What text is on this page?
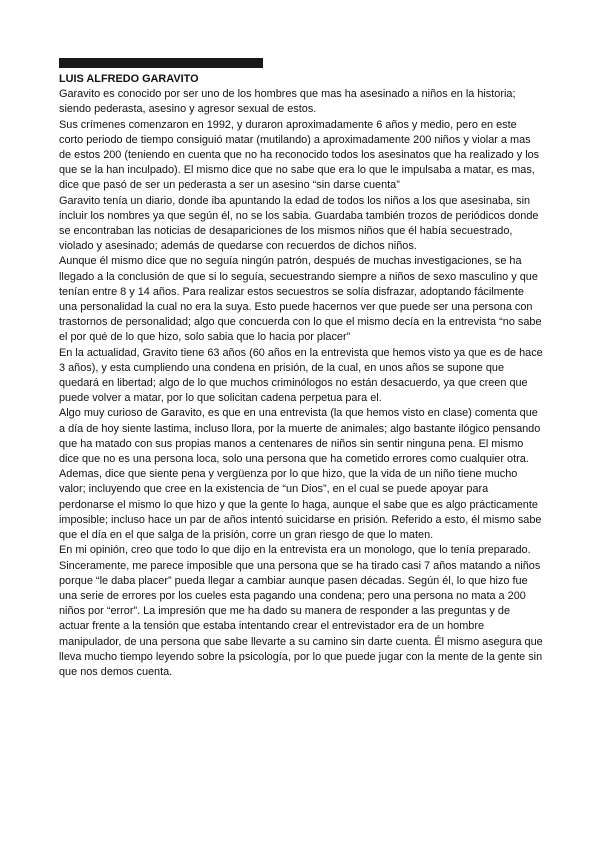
LUIS ALFREDO GARAVITO

Garavito es conocido por ser uno de los hombres que mas ha asesinado a niños en la historia; siendo pederasta, asesino y agresor sexual de estos.

Sus crímenes comenzaron en 1992, y duraron aproximadamente 6 años y medio, pero en este corto periodo de tiempo consiguió matar (mutilando) a aproximadamente 200 niños y violar a mas de estos 200 (teniendo en cuenta que no ha reconocido todos los asesinatos que ha realizado y los que se la han inculpado). El mismo dice que no sabe que era lo que le impulsaba a matar, es mas, dice que pasó de ser un pederasta a ser un asesino “sin darse cuenta”

Garavito tenía un diario, donde iba apuntando la edad de todos los niños a los que asesinaba, sin incluir los nombres ya que según él, no se los sabia. Guardaba también trozos de periódicos donde se encontraban las noticias de desapariciones de los mismos niños que él había secuestrado, violado y asesinado; además de quedarse con recuerdos de dichos niños.

Aunque él mismo dice que no seguía ningún patrón, después de muchas investigaciones, se ha llegado a la conclusión de que si lo seguía, secuestrando siempre a niños de sexo masculino y que tenían entre 8 y 14 años. Para realizar estos secuestros se solía disfrazar, adoptando fácilmente una personalidad la cual no era la suya. Esto puede hacernos ver que puede ser una persona con trastornos de personalidad; algo que concuerda con lo que el mismo decía en la entrevista “no sabe el por qué de lo que hizo, solo sabia que lo hacia por placer”

En la actualidad, Gravito tiene 63 años (60 años en la entrevista que hemos visto ya que es de hace 3 años), y esta cumpliendo una condena en prisión, de la cual, en unos años se supone que quedará en libertad; algo de lo que muchos criminólogos no están desacuerdo, ya que creen que puede volver a matar, por lo que solicitan cadena perpetua para el.

Algo muy curioso de Garavito, es que en una entrevista (la que hemos visto en clase) comenta que a día de hoy siente lastima, incluso llora, por la muerte de animales; algo bastante ilógico pensando que ha matado con sus propias manos a centenares de niños sin sentir ninguna pena. El mismo dice que no es una persona loca, solo una persona que ha cometido errores como cualquier otra. Ademas, dice que siente pena y vergüenza por lo que hizo, que la vida de un niño tiene mucho valor; incluyendo que cree en la existencia de “un Dios”, en el cual se puede apoyar para perdonarse el mismo lo que hizo y que la gente lo haga, aunque el sabe que es algo prácticamente imposible; incluso hace un par de años intentó suicidarse en prisión. Referido a esto, él mismo sabe que el día en el que salga de la prisión, corre un gran riesgo de que lo maten.

En mi opinión, creo que todo lo que dijo en la entrevista era un monologo, que lo tenía preparado. Sinceramente, me parece imposible que una persona que se ha tirado casi 7 años matando a niños porque “le daba placer” pueda llegar a cambiar aunque pasen décadas. Según él, lo que hizo fue una serie de errores por los cueles esta pagando una condena; pero una persona no mata a 200 niños por “error”. La impresión que me ha dado su manera de responder a las preguntas y de actuar frente a la tensión que estaba intentando crear el entrevistador era de un hombre manipulador, de una persona que sabe llevarte a su camino sin darte cuenta. Él mismo asegura que lleva mucho tiempo leyendo sobre la psicología, por lo que puede jugar con la mente de la gente sin que nos demos cuenta.
